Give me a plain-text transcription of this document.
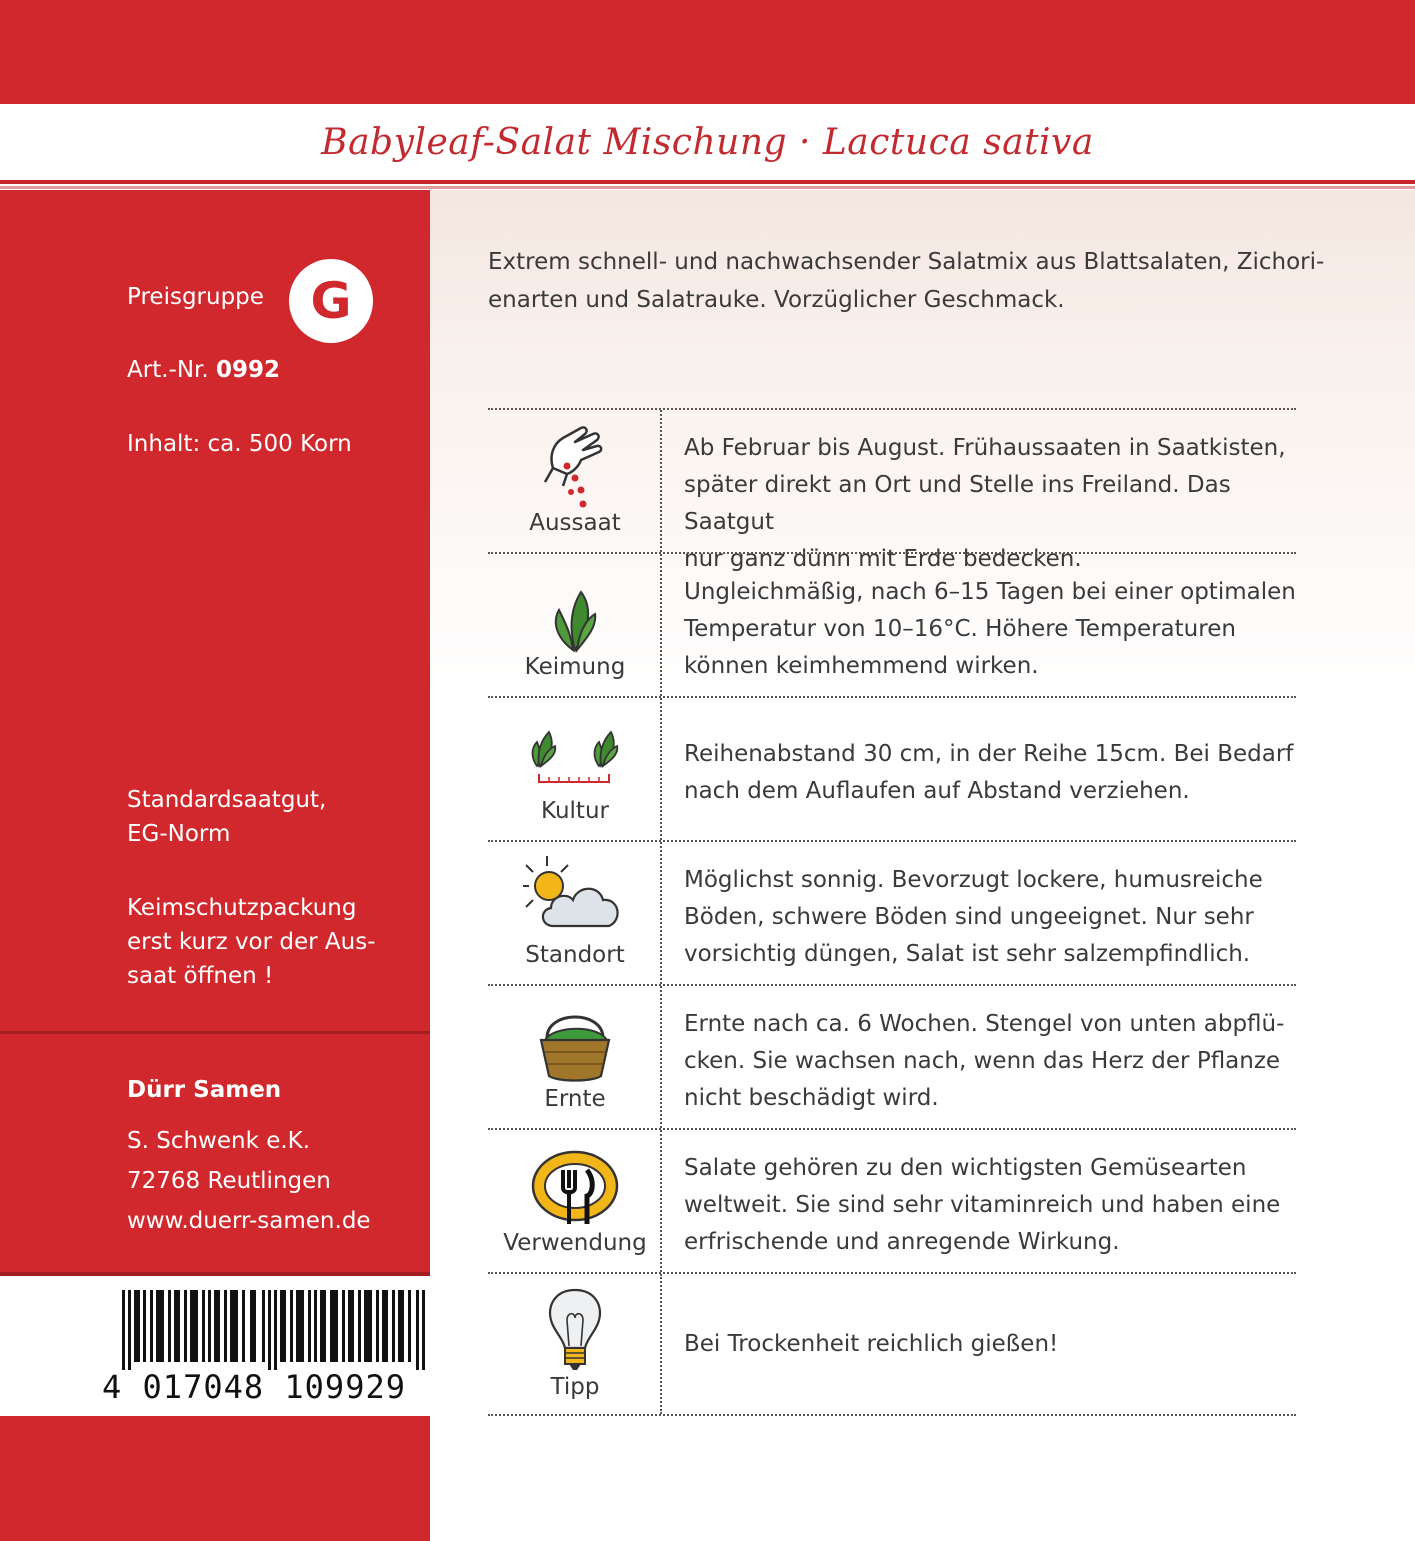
Babyleaf-Salat Mischung · Lactuca sativa
Preisgruppe G
Art.-Nr. 0992
Inhalt: ca. 500 Korn
Standardsaatgut,
EG-Norm
Keimschutzpackung
erst kurz vor der Aus-
saat öffnen !
Dürr Samen
S. Schwenk e.K.
72768 Reutlingen
www.duerr-samen.de
4 017048 109929
Extrem schnell- und nachwachsender Salatmix aus Blattsalaten, Zichori-
enarten und Salatrauke. Vorzüglicher Geschmack.
Aussaat
Ab Februar bis August. Frühaussaaten in Saatkisten,
später direkt an Ort und Stelle ins Freiland. Das Saatgut
nur ganz dünn mit Erde bedecken.
Keimung
Ungleichmäßig, nach 6–15 Tagen bei einer optimalen
Temperatur von 10–16°C. Höhere Temperaturen
können keimhemmend wirken.
Kultur
Reihenabstand 30 cm, in der Reihe 15cm. Bei Bedarf
nach dem Auflaufen auf Abstand verziehen.
Standort
Möglichst sonnig. Bevorzugt lockere, humusreiche
Böden, schwere Böden sind ungeeignet. Nur sehr
vorsichtig düngen, Salat ist sehr salzempfindlich.
Ernte
Ernte nach ca. 6 Wochen. Stengel von unten abpflü-
cken. Sie wachsen nach, wenn das Herz der Pflanze
nicht beschädigt wird.
Verwendung
Salate gehören zu den wichtigsten Gemüsearten
weltweit. Sie sind sehr vitaminreich und haben eine
erfrischende und anregende Wirkung.
Tipp
Bei Trockenheit reichlich gießen!
